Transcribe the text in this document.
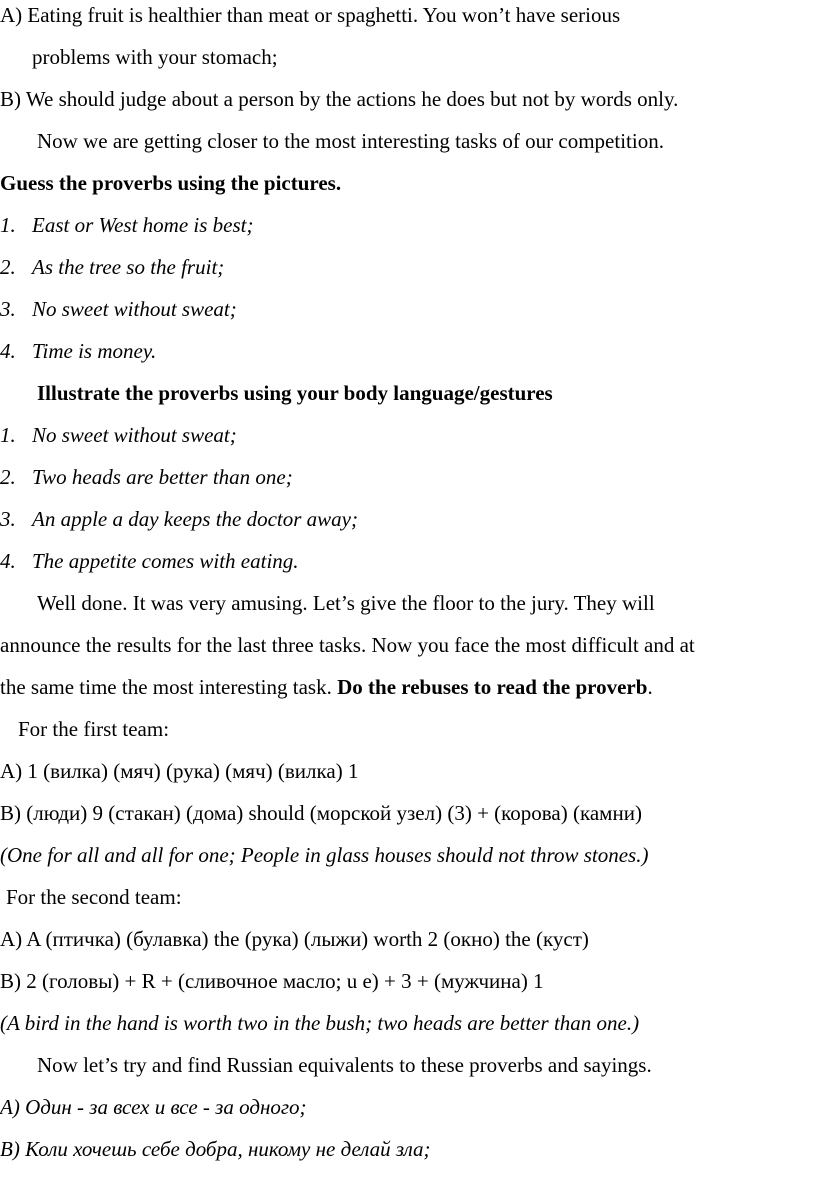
A) Eating fruit is healthier than meat or spaghetti. You won’t have serious
problems with your stomach;
B) We should judge about a person by the actions he does but not by words only.
Now we are getting closer to the most interesting tasks of our competition.
Guess the proverbs using the pictures.
1. East or West home is best;
2. As the tree so the fruit;
3. No sweet without sweat;
4. Time is money.
Illustrate the proverbs using your body language/gestures
1. No sweet without sweat;
2. Two heads are better than one;
3. An apple a day keeps the doctor away;
4. The appetite comes with eating.
Well done. It was very amusing. Let’s give the floor to the jury. They will
announce the results for the last three tasks. Now you face the most difficult and at
the same time the most interesting task. Do the rebuses to read the proverb.
For the first team:
A) 1 (вилка) (мяч) (рука) (мяч) (вилка) 1
B) (люди) 9 (стакан) (дома) should (морской узел) (3) + (корова) (камни)
(One for all and all for one; People in glass houses should not throw stones.)
For the second team:
A) A (птичка) (булавка) the (рука) (лыжи) worth 2 (окно) the (куст)
B) 2 (головы) + R + (сливочное масло; u e) + 3 + (мужчина) 1
(A bird in the hand is worth two in the bush; two heads are better than one.)
Now let’s try and find Russian equivalents to these proverbs and sayings.
A) Один - за всех и все - за одного;
B) Коли хочешь себе добра, никому не делай зла;
